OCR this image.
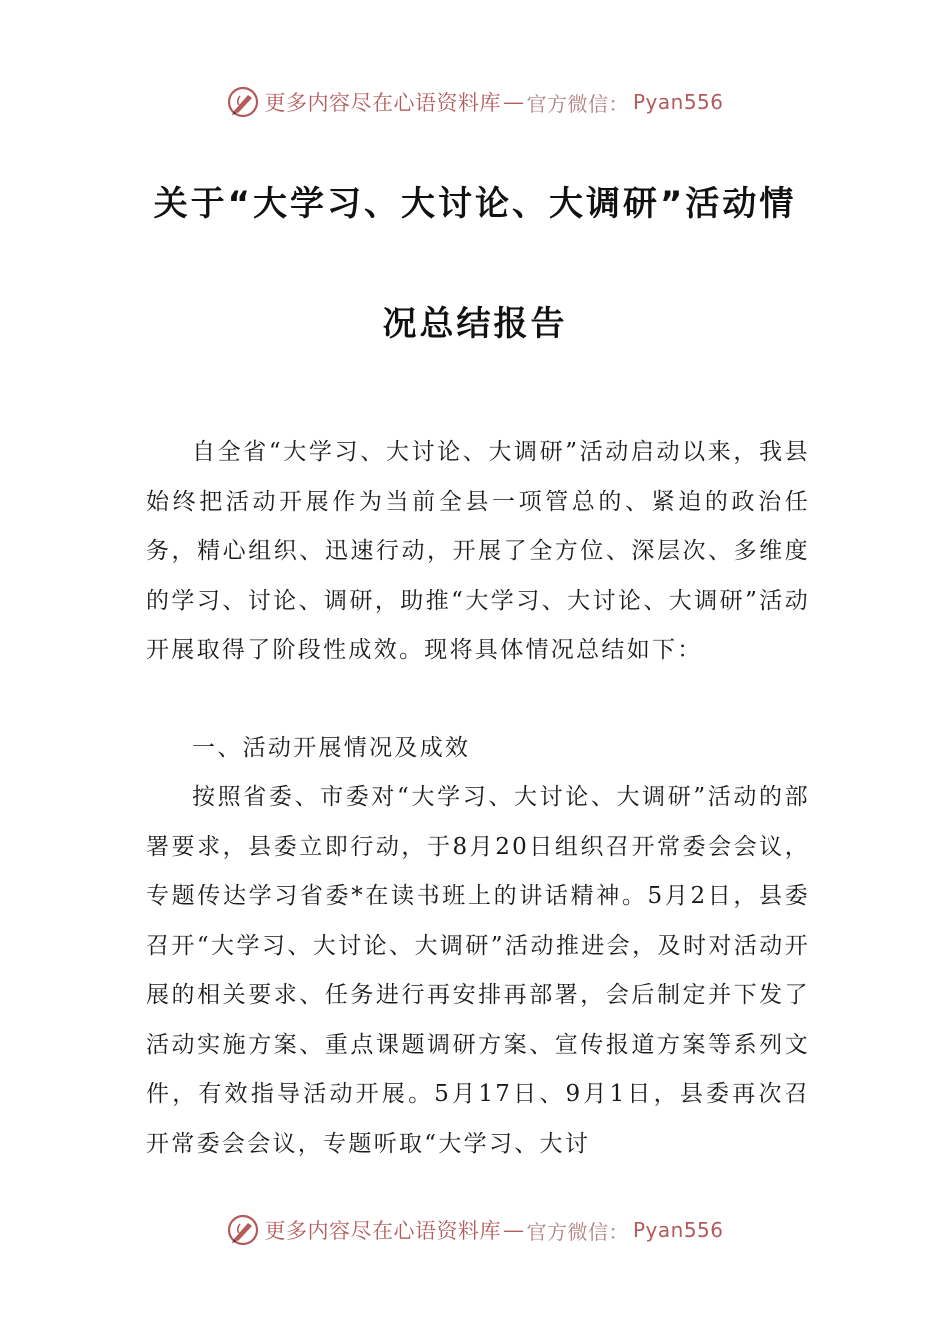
更多内容尽在心语资料库 — 官方微信： Pyan556
关于“大学习、大讨论、大调研”活动情
况总结报告

自全省“大学习、大讨论、大调研”活动启动以来，我县始终把活动开展作为当前全县一项管总的、紧迫的政治任务，精心组织、迅速行动，开展了全方位、深层次、多维度的学习、讨论、调研，助推“大学习、大讨论、大调研”活动开展取得了阶段性成效。现将具体情况总结如下：

一、活动开展情况及成效

按照省委、市委对“大学习、大讨论、大调研”活动的部署要求，县委立即行动，于8月20日组织召开常委会会议，专题传达学习省委*在读书班上的讲话精神。5月2日，县委召开“大学习、大讨论、大调研”活动推进会，及时对活动开展的相关要求、任务进行再安排再部署，会后制定并下发了活动实施方案、重点课题调研方案、宣传报道方案等系列文件，有效指导活动开展。5月17日、9月1日，县委再次召开常委会会议，专题听取“大学习、大讨

更多内容尽在心语资料库 — 官方微信： Pyan556
